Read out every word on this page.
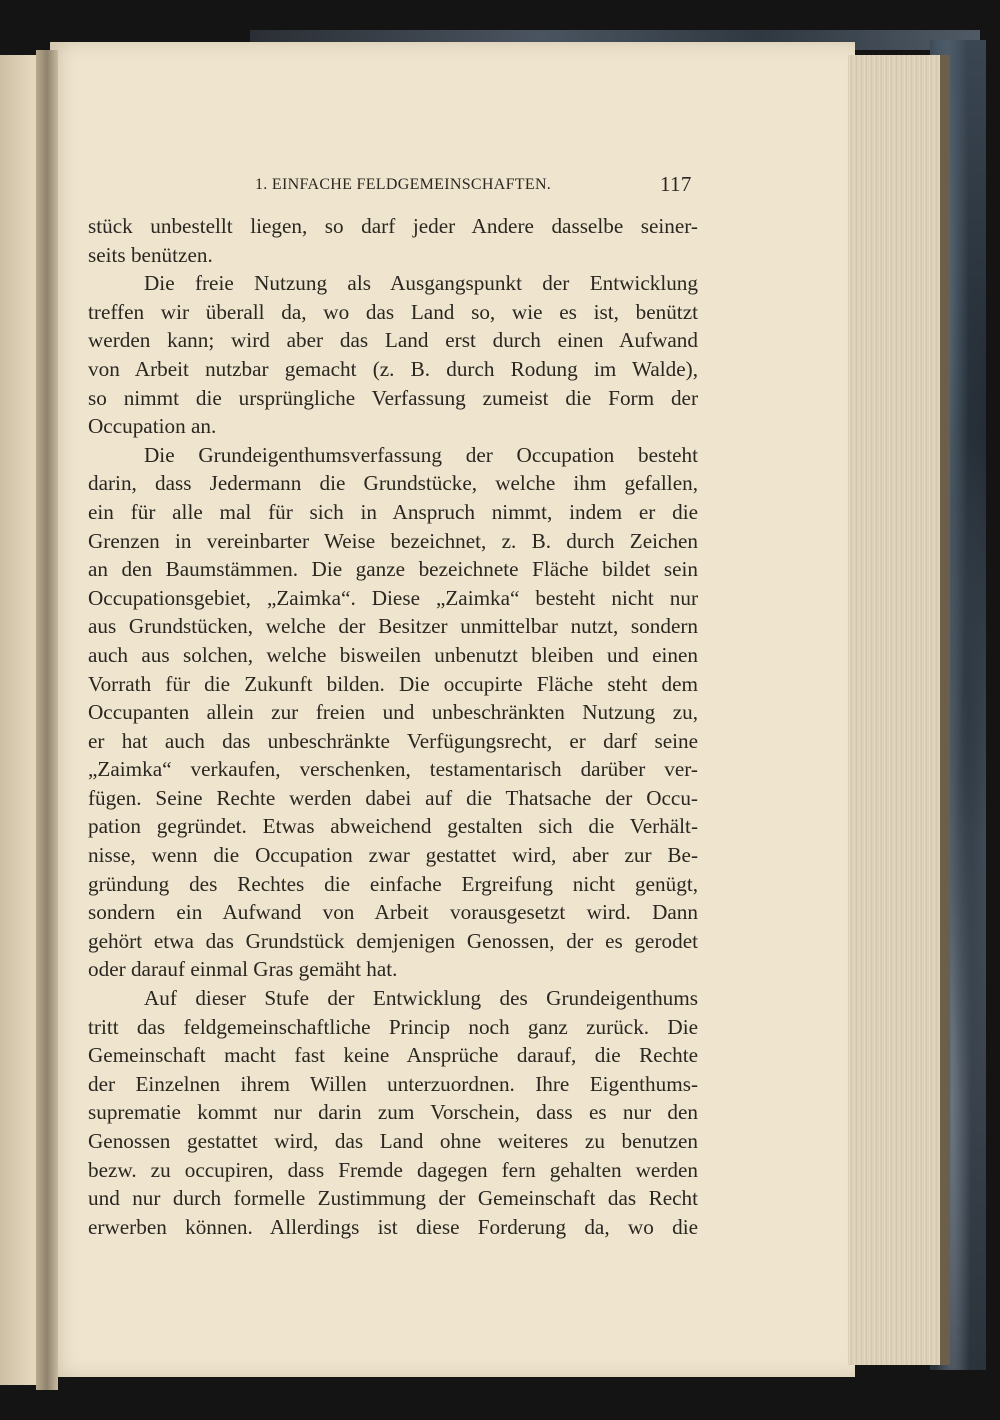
1. EINFACHE FELDGEMEINSCHAFTEN.	117
stück unbestellt liegen, so darf jeder Andere dasselbe seiner-
seits benützen.
Die freie Nutzung als Ausgangspunkt der Entwicklung
treffen wir überall da, wo das Land so, wie es ist, benützt
werden kann; wird aber das Land erst durch einen Aufwand
von Arbeit nutzbar gemacht (z. B. durch Rodung im Walde),
so nimmt die ursprüngliche Verfassung zumeist die Form der
Occupation an.
Die Grundeigenthumsverfassung der Occupation besteht
darin, dass Jedermann die Grundstücke, welche ihm gefallen,
ein für alle mal für sich in Anspruch nimmt, indem er die
Grenzen in vereinbarter Weise bezeichnet, z. B. durch Zeichen
an den Baumstämmen. Die ganze bezeichnete Fläche bildet sein
Occupationsgebiet, „Zaimka“. Diese „Zaimka“ besteht nicht nur
aus Grundstücken, welche der Besitzer unmittelbar nutzt, sondern
auch aus solchen, welche bisweilen unbenutzt bleiben und einen
Vorrath für die Zukunft bilden. Die occupirte Fläche steht dem
Occupanten allein zur freien und unbeschränkten Nutzung zu,
er hat auch das unbeschränkte Verfügungsrecht, er darf seine
„Zaimka“ verkaufen, verschenken, testamentarisch darüber ver-
fügen. Seine Rechte werden dabei auf die Thatsache der Occu-
pation gegründet. Etwas abweichend gestalten sich die Verhält-
nisse, wenn die Occupation zwar gestattet wird, aber zur Be-
gründung des Rechtes die einfache Ergreifung nicht genügt,
sondern ein Aufwand von Arbeit vorausgesetzt wird. Dann
gehört etwa das Grundstück demjenigen Genossen, der es gerodet
oder darauf einmal Gras gemäht hat.
Auf dieser Stufe der Entwicklung des Grundeigenthums
tritt das feldgemeinschaftliche Princip noch ganz zurück. Die
Gemeinschaft macht fast keine Ansprüche darauf, die Rechte
der Einzelnen ihrem Willen unterzuordnen. Ihre Eigenthums-
suprematie kommt nur darin zum Vorschein, dass es nur den
Genossen gestattet wird, das Land ohne weiteres zu benutzen
bezw. zu occupiren, dass Fremde dagegen fern gehalten werden
und nur durch formelle Zustimmung der Gemeinschaft das Recht
erwerben können. Allerdings ist diese Forderung da, wo die
